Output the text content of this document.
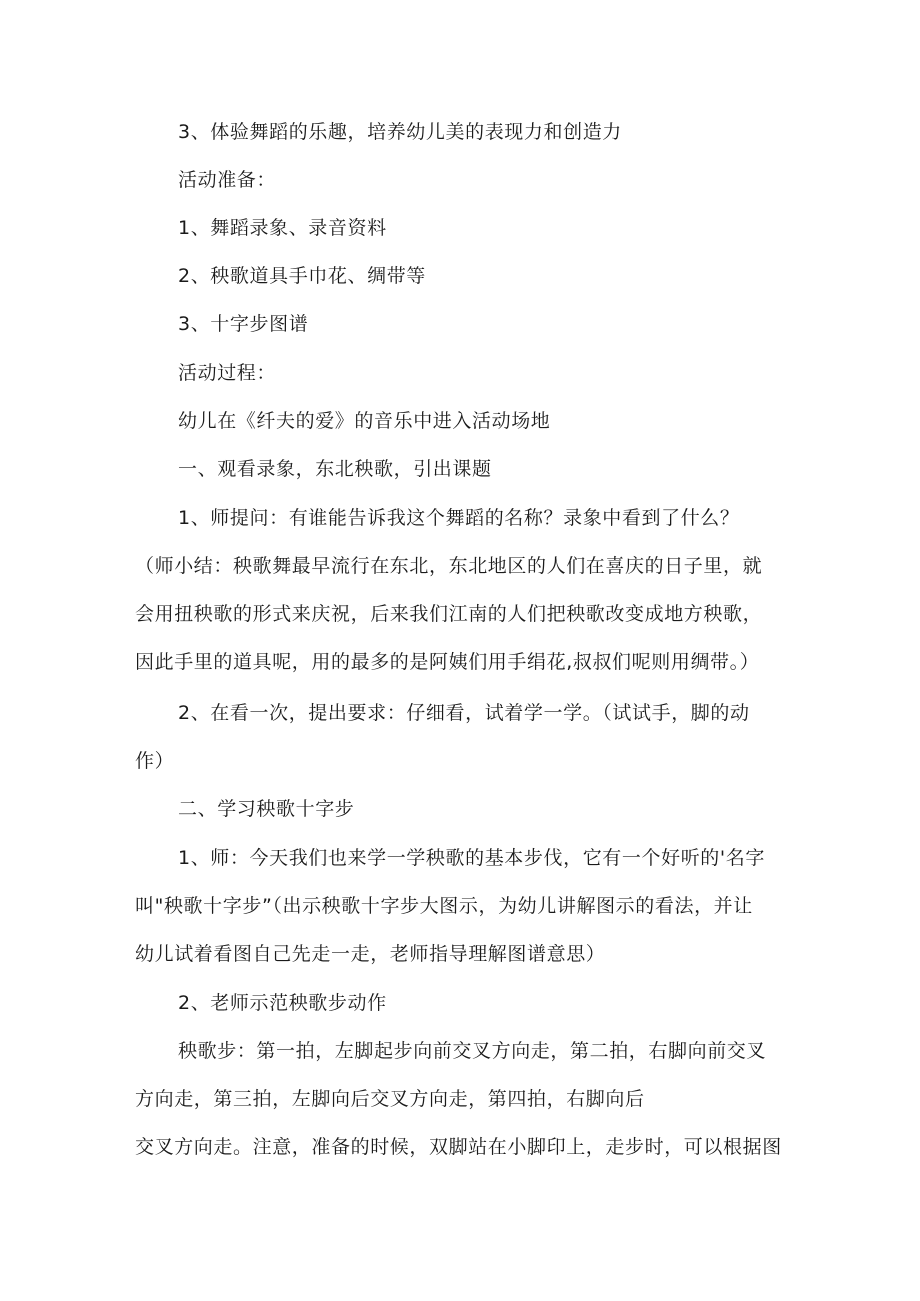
3、体验舞蹈的乐趣，培养幼儿美的表现力和创造力
活动准备：
1、舞蹈录象、录音资料
2、秧歌道具手巾花、绸带等
3、十字步图谱
活动过程：
幼儿在《纤夫的爱》的音乐中进入活动场地
一、观看录象，东北秧歌，引出课题
1、师提问：有谁能告诉我这个舞蹈的名称？录象中看到了什么？
（师小结：秧歌舞最早流行在东北，东北地区的人们在喜庆的日子里，就
会用扭秧歌的形式来庆祝，后来我们江南的人们把秧歌改变成地方秧歌，
因此手里的道具呢，用的最多的是阿姨们用手绢花,叔叔们呢则用绸带。）
2、在看一次，提出要求：仔细看，试着学一学。（试试手，脚的动
作）
二、学习秧歌十字步
1、师：今天我们也来学一学秧歌的基本步伐，它有一个好听的'名字
叫"秧歌十字步”（出示秧歌十字步大图示，为幼儿讲解图示的看法，并让
幼儿试着看图自己先走一走，老师指导理解图谱意思）
2、老师示范秧歌步动作
秧歌步：第一拍，左脚起步向前交叉方向走，第二拍，右脚向前交叉
方向走，第三拍，左脚向后交叉方向走，第四拍，右脚向后
交叉方向走。注意，准备的时候，双脚站在小脚印上，走步时，可以根据图
